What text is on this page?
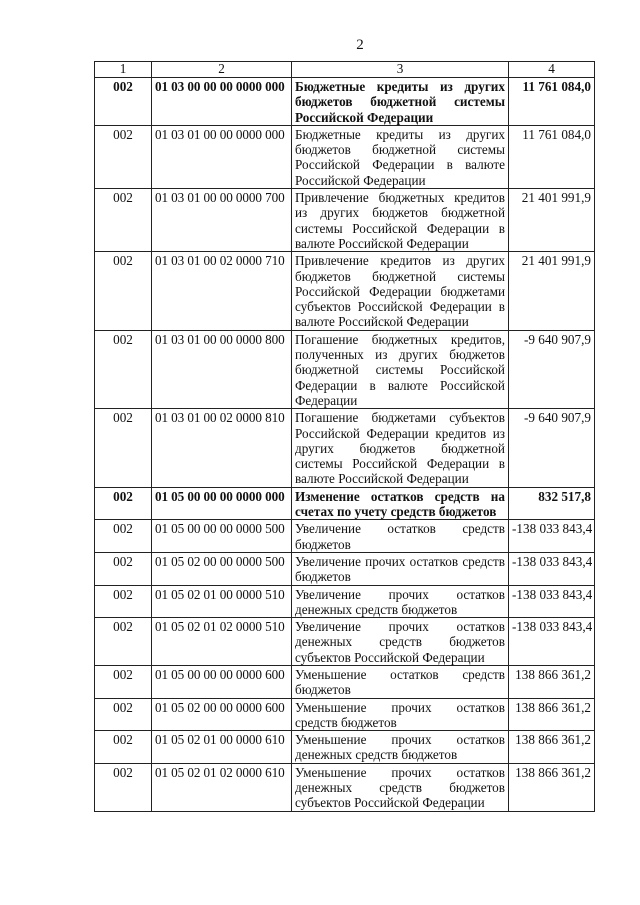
2
1	2	3	4
002	01 03 00 00 00 0000 000	Бюджетные кредиты из других бюджетов бюджетной системы Российской Федерации	11 761 084,0
002	01 03 01 00 00 0000 000	Бюджетные кредиты из других бюджетов бюджетной системы Российской Федерации в валюте Российской Федерации	11 761 084,0
002	01 03 01 00 00 0000 700	Привлечение бюджетных кредитов из других бюджетов бюджетной системы Российской Федерации в валюте Российской Федерации	21 401 991,9
002	01 03 01 00 02 0000 710	Привлечение кредитов из других бюджетов бюджетной системы Российской Федерации бюджетами субъектов Российской Федерации в валюте Российской Федерации	21 401 991,9
002	01 03 01 00 00 0000 800	Погашение бюджетных кредитов, полученных из других бюджетов бюджетной системы Российской Федерации в валюте Российской Федерации	-9 640 907,9
002	01 03 01 00 02 0000 810	Погашение бюджетами субъектов Российской Федерации кредитов из других бюджетов бюджетной системы Российской Федерации в валюте Российской Федерации	-9 640 907,9
002	01 05 00 00 00 0000 000	Изменение остатков средств на счетах по учету средств бюджетов	832 517,8
002	01 05 00 00 00 0000 500	Увеличение остатков средств бюджетов	-138 033 843,4
002	01 05 02 00 00 0000 500	Увеличение прочих остатков средств бюджетов	-138 033 843,4
002	01 05 02 01 00 0000 510	Увеличение прочих остатков денежных средств бюджетов	-138 033 843,4
002	01 05 02 01 02 0000 510	Увеличение прочих остатков денежных средств бюджетов субъектов Российской Федерации	-138 033 843,4
002	01 05 00 00 00 0000 600	Уменьшение остатков средств бюджетов	138 866 361,2
002	01 05 02 00 00 0000 600	Уменьшение прочих остатков средств бюджетов	138 866 361,2
002	01 05 02 01 00 0000 610	Уменьшение прочих остатков денежных средств бюджетов	138 866 361,2
002	01 05 02 01 02 0000 610	Уменьшение прочих остатков денежных средств бюджетов субъектов Российской Федерации	138 866 361,2
